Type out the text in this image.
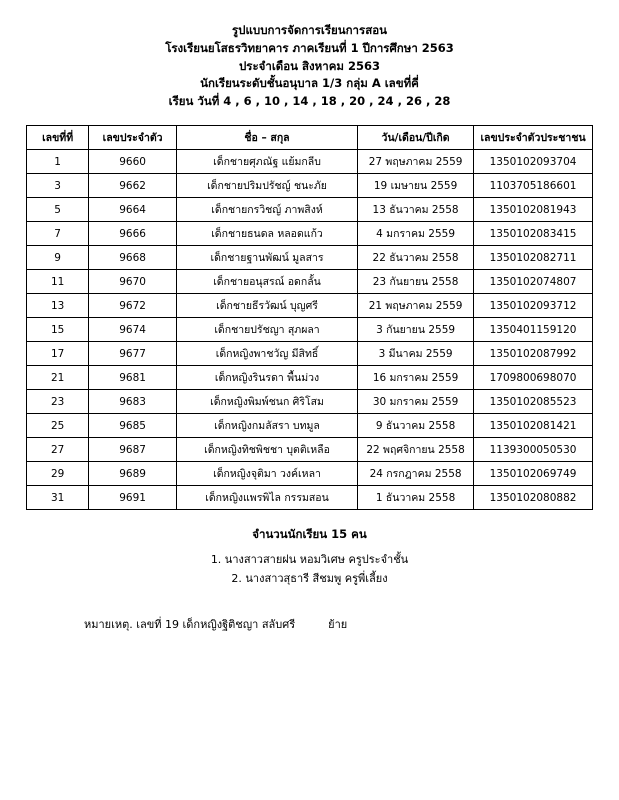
รูปแบบการจัดการเรียนการสอน
โรงเรียนยโสธรวิทยาคาร ภาคเรียนที่ 1 ปีการศึกษา 2563
ประจำเดือน สิงหาคม 2563
นักเรียนระดับชั้นอนุบาล 1/3 กลุ่ม A เลขที่คี่
เรียน วันที่ 4 , 6 , 10 , 14 , 18 , 20 , 24 , 26 , 28
เลขที่ที่	เลขประจำตัว	ชื่อ – สกุล	วัน/เดือน/ปีเกิด	เลขประจำตัวประชาชน
1	9660	เด็กชายศุภณัฐ แย้มกลีบ	27 พฤษภาคม 2559	1350102093704
3	9662	เด็กชายปริมปรัชญ์ ชนะภัย	19 เมษายน 2559	1103705186601
5	9664	เด็กชายกรวิชญ์ ภาพสิงห์	13 ธันวาคม 2558	1350102081943
7	9666	เด็กชายธนดล หลอดแก้ว	4 มกราคม 2559	1350102083415
9	9668	เด็กชายฐานพัฒน์ มูลสาร	22 ธันวาคม 2558	1350102082711
11	9670	เด็กชายอนุสรณ์ อดกลั้น	23 กันยายน 2558	1350102074807
13	9672	เด็กชายธีรวัฒน์ บุญศรี	21 พฤษภาคม 2559	1350102093712
15	9674	เด็กชายปรัชญา สุภผลา	3 กันยายน 2559	1350401159120
17	9677	เด็กหญิงพาชวัญ มีสิทธิ์	3 มีนาคม 2559	1350102087992
21	9681	เด็กหญิงรินรดา พื้นม่วง	16 มกราคม 2559	1709800698070
23	9683	เด็กหญิงพิมพ์ชนก ศิริโสม	30 มกราคม 2559	1350102085523
25	9685	เด็กหญิงกมลัสรา บทมูล	9 ธันวาคม 2558	1350102081421
27	9687	เด็กหญิงทิชพิชชา บุตติเหลือ	22 พฤศจิกายน 2558	1139300050530
29	9689	เด็กหญิงจุติมา วงค์เหลา	24 กรกฎาคม 2558	1350102069749
31	9691	เด็กหญิงแพรพิไล กรรมสอน	1 ธันวาคม 2558	1350102080882
จำนวนนักเรียน 15 คน
1. นางสาวสายฝน หอมวิเศษ ครูประจำชั้น
2. นางสาวสุธารี สีชมพู ครูพี่เลี้ยง
หมายเหตุ. เลขที่ 19 เด็กหญิงฐิติชญา สลับศรี	ย้าย
